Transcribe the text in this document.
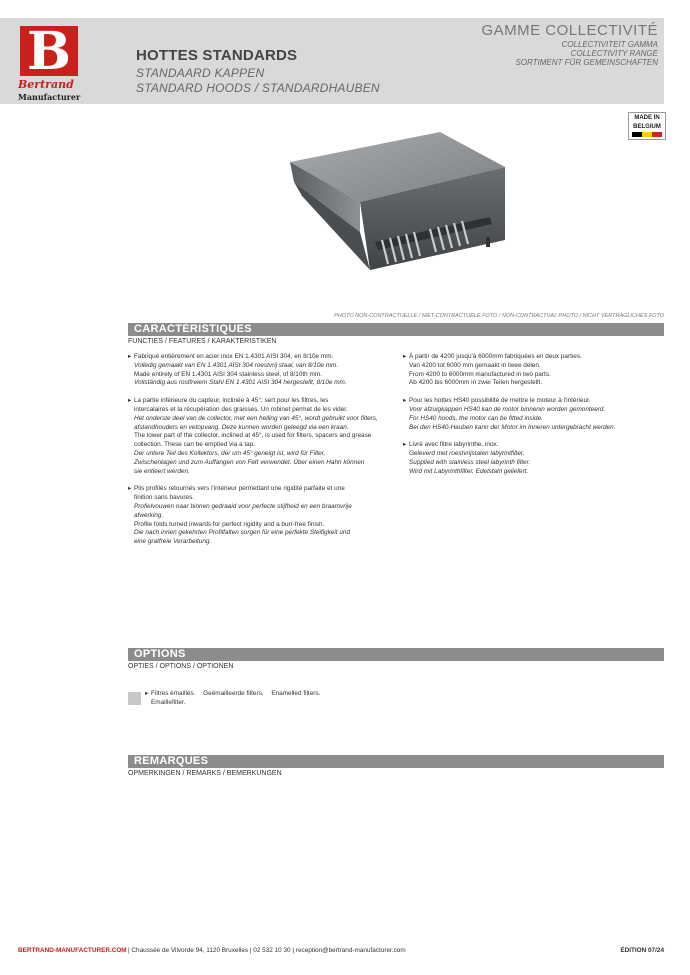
B
Bertrand
Manufacturer
HOTTES STANDARDS
STANDAARD KAPPEN
STANDARD HOODS / STANDARDHAUBEN
GAMME COLLECTIVITÉ
COLLECTIVITEIT GAMMA
COLLECTIVITY RANGE
SORTIMENT FÜR GEMEINSCHAFTEN
MADE IN
BELGIUM
PHOTO NON-CONTRACTUELLE / NIET-CONTRACTUELE FOTO / NON-CONTRACTUAL PHOTO / NICHT VERTRAGLICHES FOTO
CARACTÉRISTIQUES
FUNCTIES / FEATURES / KARAKTERISTIKEN
▸ Fabriqué entièrement en acier inox EN 1.4301 AISI 304, en 8/10e mm.
Volledig gemaakt van EN 1.4301 AISI 304 roestvrij staal, van 8/10e mm.
Made entirely of EN 1.4301 AISI 304 stainless steel, of 8/10th mm.
Vollständig aus rostfreiem Stahl EN 1.4301 AISI 304 hergestellt, 8/10e mm.
▸ La partie inférieure du capteur, inclinée à 45°, sert pour les filtres, les
intercalaires et la récupération des graisses. Un robinet permet de les vider.
Het onderste deel van de collector, met een helling van 45°, wordt gebruikt voor filters,
afstandhouders en vetopvang. Deze kunnen worden geleegd via een kraan.
The lower part of the collector, inclined at 45°, is used for filters, spacers and grease
collection. These can be emptied via a tap.
Der untere Teil des Kollektors, der um 45° geneigt ist, wird für Filter,
Zwischenlagen und zum Auffangen von Fett verwendet. Über einen Hahn können
sie entleert werden.
▸ Plis profilés retournés vers l'intérieur permettant une rigidité parfaite et une
finition sans bavures.
Profielvouwen naar binnen gedraaid voor perfecte stijfheid en een braamvrije
afwerking.
Profile folds turned inwards for perfect rigidity and a burr-free finish.
Die nach innen gekehrten Profilfalten sorgen für eine perfekte Steifigkeit und
eine gratfreie Verarbeitung.
▸ À partir de 4200 jusqu'à 6000mm fabriquées en deux parties.
Van 4200 tot 6000 mm gemaakt in twee delen.
From 4200 to 6000mm manufactured in two parts.
Ab 4200 bis 6000mm in zwei Teilen hergestellt.
▸ Pour les hottes HS40 possibilité de mettre le moteur à l'intérieur.
Voor afzuigkappen HS40 kan de motor binnenin worden gemonteerd.
For HS40 hoods, the motor can be fitted inside.
Bei den HS40-Hauben kann der Motor im Inneren untergebracht werden.
▸ Livré avec filtre labyrinthe, inox.
Geleverd met roestvrijstalen labyrintfilter.
Supplied with stainless steel labyrinth filter.
Wird mit Labyrinthfilter, Edelstahl geliefert.
OPTIONS
OPTIES / OPTIONS / OPTIONEN
▸ Filtres émaillés. Geëmailleerde filters. Enamelled filters. Emaillefilter.
REMARQUES
OPMERKINGEN / REMARKS / BEMERKUNGEN
BERTRAND-MANUFACTURER.COM | Chaussée de Vilvorde 94, 1120 Bruxelles | 02 532 10 30 | reception@bertrand-manufacturer.com	ÉDITION 07/24
